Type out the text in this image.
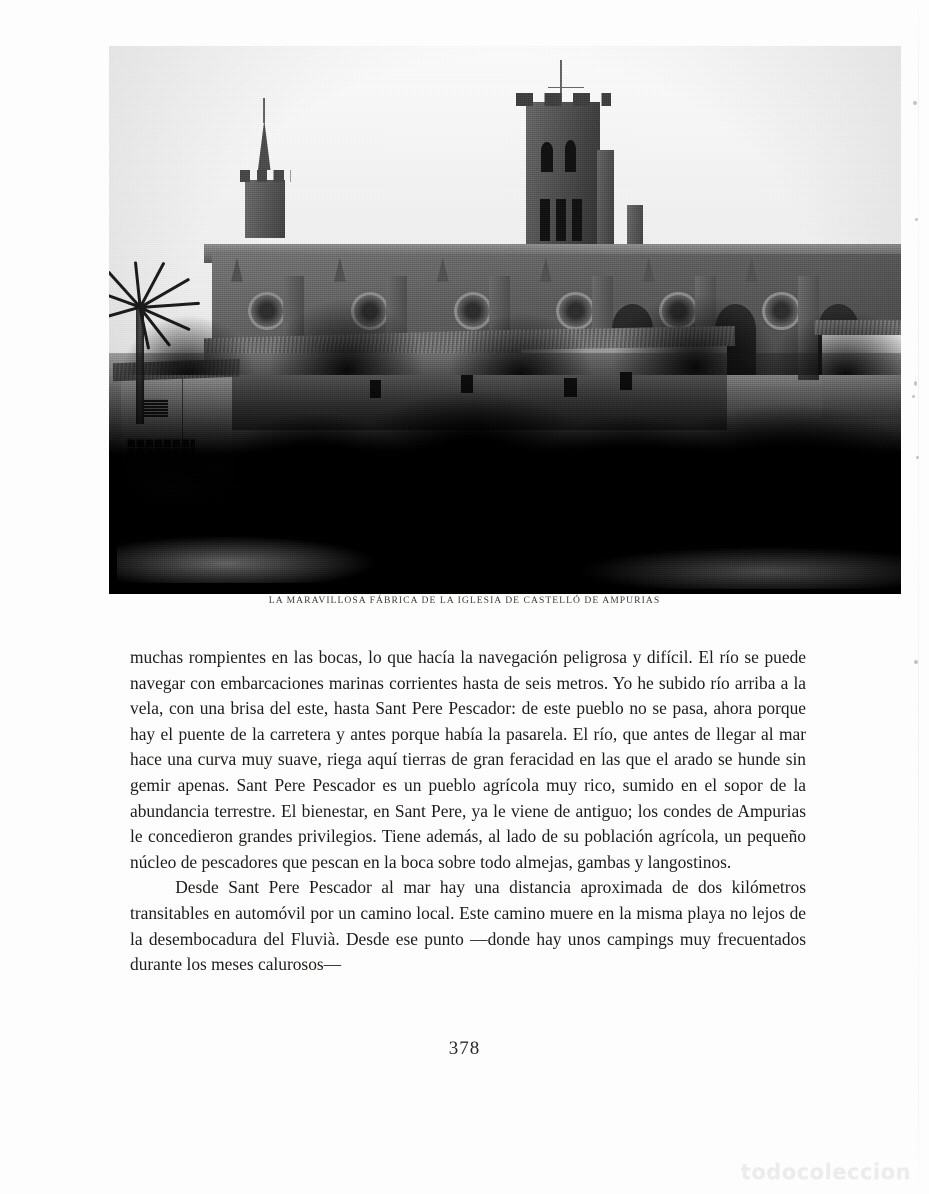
LA MARAVILLOSA FÁBRICA DE LA IGLESIA DE CASTELLÓ DE AMPURIAS

muchas rompientes en las bocas, lo que hacía la navegación peligrosa y difícil. El río se puede navegar con embarcaciones marinas corrientes hasta de seis metros. Yo he subido río arriba a la vela, con una brisa del este, hasta Sant Pere Pescador: de este pueblo no se pasa, ahora porque hay el puente de la carretera y antes porque había la pasarela. El río, que antes de llegar al mar hace una curva muy suave, riega aquí tierras de gran feracidad en las que el arado se hunde sin gemir apenas. Sant Pere Pescador es un pueblo agrícola muy rico, sumido en el sopor de la abundancia terrestre. El bienestar, en Sant Pere, ya le viene de antiguo; los condes de Ampurias le concedieron grandes privilegios. Tiene además, al lado de su población agrícola, un pequeño núcleo de pescadores que pescan en la boca sobre todo almejas, gambas y langostinos.

Desde Sant Pere Pescador al mar hay una distancia aproximada de dos kilómetros transitables en automóvil por un camino local. Este camino muere en la misma playa no lejos de la desembocadura del Fluvià. Desde ese punto —donde hay unos campings muy frecuentados durante los meses calurosos—

378
todocoleccion
